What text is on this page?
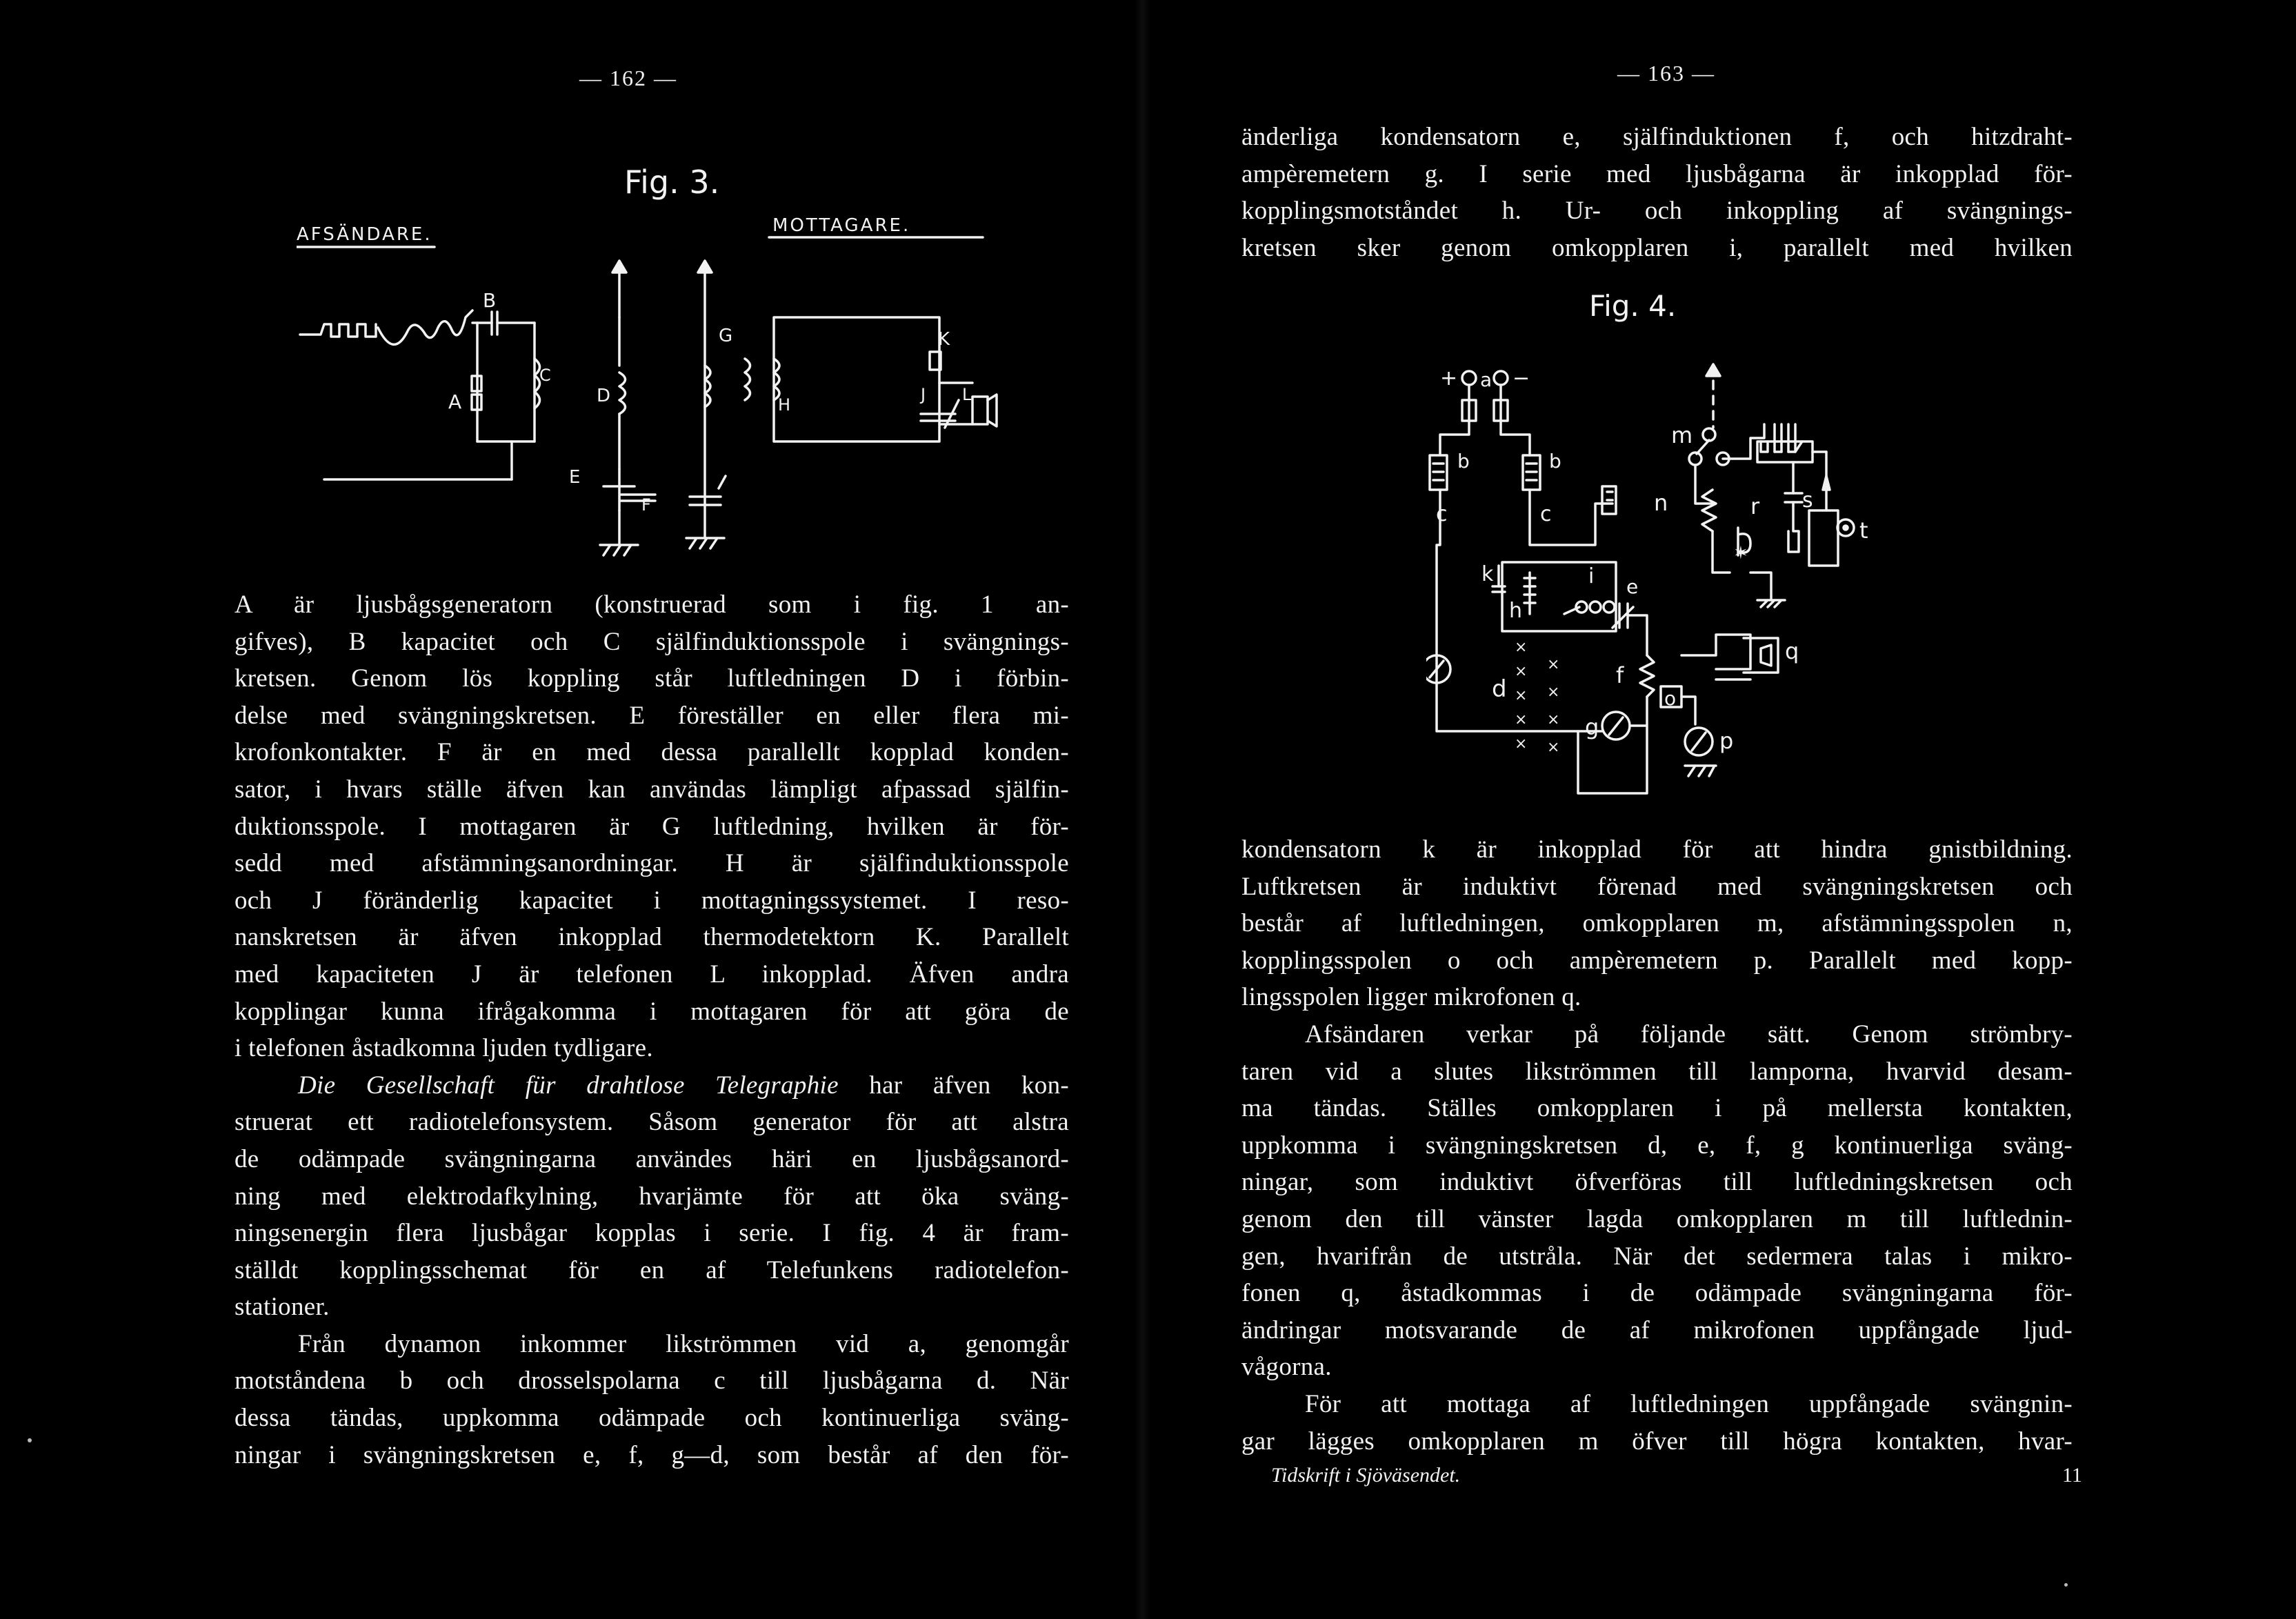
— 162 —
Fig. 3.
AFSÄNDARE.	MOTTAGARE.
B
C
A	D
E
F
G
H
K
J L
A är ljusbågsgeneratorn (konstruerad som i fig. 1 an-
gifves), B kapacitet och C själfinduktionsspole i svängnings-
kretsen. Genom lös koppling står luftledningen D i förbin-
delse med svängningskretsen. E föreställer en eller flera mi-
krofonkontakter. F är en med dessa parallellt kopplad konden-
sator, i hvars ställe äfven kan användas lämpligt afpassad själfin-
duktionsspole. I mottagaren är G luftledning, hvilken är för-
sedd med afstämningsanordningar. H är själfinduktionsspole
och J föränderlig kapacitet i mottagningssystemet. I reso-
nanskretsen är äfven inkopplad thermodetektorn K. Parallelt
med kapaciteten J är telefonen L inkopplad. Äfven andra
kopplingar kunna ifrågakomma i mottagaren för att göra de
i telefonen åstadkomna ljuden tydligare.
Die Gesellschaft für drahtlose Telegraphie har äfven kon-
struerat ett radiotelefonsystem. Såsom generator för att alstra
de odämpade svängningarna användes häri en ljusbågsanord-
ning med elektrodafkylning, hvarjämte för att öka sväng-
ningsenergin flera ljusbågar kopplas i serie. I fig. 4 är fram-
ställdt kopplingsschemat för en af Telefunkens radiotelefon-
stationer.
Från dynamon inkommer likströmmen vid a, genomgår
motståndena b och drosselspolarna c till ljusbågarna d. När
dessa tändas, uppkomma odämpade och kontinuerliga sväng-
ningar i svängningskretsen e, f, g—d, som består af den för-
— 163 —
änderliga kondensatorn e, själfinduktionen f, och hitzdraht-
ampèremetern g. I serie med ljusbågarna är inkopplad för-
kopplingsmotståndet h. Ur- och inkoppling af svängnings-
kretsen sker genom omkopplaren i, parallelt med hvilken
Fig. 4.
+ a −
b	b
c	c
d
×
×
×
×
×
×
×
×
×
k
h
i e
f
o
g
m
n	r
✶
s
t
q
p
kondensatorn k är inkopplad för att hindra gnistbildning.
Luftkretsen är induktivt förenad med svängningskretsen och
består af luftledningen, omkopplaren m, afstämningsspolen n,
kopplingsspolen o och ampèremetern p. Parallelt med kopp-
lingsspolen ligger mikrofonen q.
Afsändaren verkar på följande sätt. Genom strömbry-
taren vid a slutes likströmmen till lamporna, hvarvid desam-
ma tändas. Ställes omkopplaren i på mellersta kontakten,
uppkomma i svängningskretsen d, e, f, g kontinuerliga sväng-
ningar, som induktivt öfverföras till luftledningskretsen och
genom den till vänster lagda omkopplaren m till luftlednin-
gen, hvarifrån de utstråla. När det sedermera talas i mikro-
fonen q, åstadkommas i de odämpade svängningarna för-
ändringar motsvarande de af mikrofonen uppfångade ljud-
vågorna.
För att mottaga af luftledningen uppfångade svängnin-
gar lägges omkopplaren m öfver till högra kontakten, hvar-
Tidskrift i Sjöväsendet.	11
